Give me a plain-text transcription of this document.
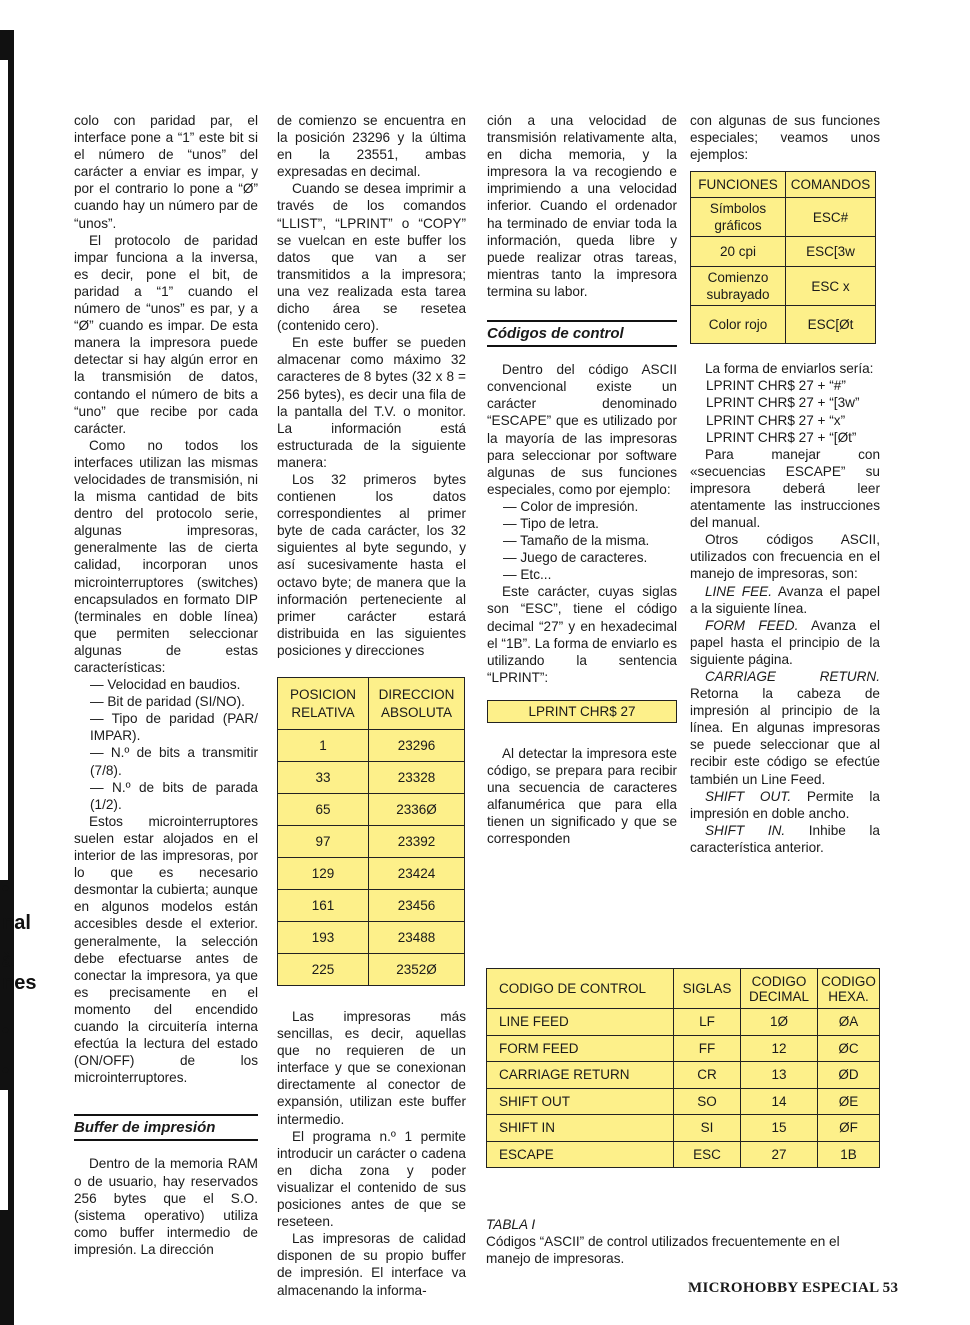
•
nal
à
nes
•
•

colo con paridad par, el interface pone a “1” este bit si el número de “unos” del carácter a enviar es impar, y por el contrario lo pone a “Ø” cuando hay un número par de “unos”.

El protocolo de paridad impar funciona a la inversa, es decir, pone el bit, de paridad a “1” cuando el número de “unos” es par, y a “Ø” cuando es impar. De esta manera la impresora puede detectar si hay algún error en la transmisión de datos, contando el número de bits a “uno” que recibe por cada carácter.

Como no todos los interfaces utilizan las mismas velocidades de transmisión, ni la misma cantidad de bits dentro del protocolo serie, algunas impresoras, generalmente las de cierta calidad, incorporan unos microinterruptores (switches) encapsulados en formato DIP (terminales en doble línea) que permiten seleccionar algunas de estas características:

— Velocidad en baudios.

— Bit de paridad (SI/NO).

— Tipo de paridad (PAR/ IMPAR).

— N.º de bits a transmitir (7/8).

— N.º de bits de parada (1/2).

Estos microinterruptores suelen estar alojados en el interior de las impresoras, por lo que es necesario desmontar la cubierta; aunque en algunos modelos están accesibles desde el exterior. generalmente, la selección debe efectuarse antes de conectar la impresora, ya que es precisamente en el momento del encendido cuando la circuitería interna efectúa la lectura del estado (ON/OFF) de los microinterruptores.

Buffer de impresión

Dentro de la memoria RAM o de usuario, hay reservados 256 bytes que el S.O. (sistema operativo) utiliza como buffer intermedio de impresión. La dirección

de comienzo se encuentra en la posición 23296 y la última en la 23551, ambas expresadas en decimal.

Cuando se desea imprimir a través de los comandos “LLIST”, “LPRINT” o “COPY” se vuelcan en este buffer los datos que van a ser transmitidos a la impresora; una vez realizada esta tarea dicho área se resetea (contenido cero).

En este buffer se pueden almacenar como máximo 32 caracteres de 8 bytes (32 x 8 = 256 bytes), es decir una fila de la pantalla del T.V. o monitor. La información está estructurada de la siguiente manera:

Los 32 primeros bytes contienen los datos correspondientes al primer byte de cada carácter, los 32 siguientes al byte segundo, y así sucesivamente hasta el octavo byte; de manera que la información perteneciente al primer carácter estará distribuida en las siguientes posiciones y direcciones

POSICION RELATIVA	DIRECCION ABSOLUTA
1	23296
33	23328
65	2336Ø
97	23392
129	23424
161	23456
193	23488
225	2352Ø

Las impresoras más sencillas, es decir, aquellas que no requieren de un interface y que se conexionan directamente al conector de expansión, utilizan este buffer intermedio.

El programa n.º 1 permite introducir un carácter o cadena en dicha zona y poder visualizar el contenido de sus posiciones antes de que se reseteen.

Las impresoras de calidad disponen de su propio buffer de impresión. El interface va almacenando la informa-

ción a una velocidad de transmisión relativamente alta, en dicha memoria, y la impresora la va recogiendo e imprimiendo a una velocidad inferior. Cuando el ordenador ha terminado de enviar toda la información, queda libre y puede realizar otras tareas, mientras tanto la impresora termina su labor.

Códigos de control

Dentro del código ASCII convencional existe un carácter denominado “ESCAPE” que es utilizado por la mayoría de las impresoras para seleccionar por software algunas de sus funciones especiales, como por ejemplo:

— Color de impresión.

— Tipo de letra.

— Tamaño de la misma.

— Juego de caracteres.

— Etc...

Este carácter, cuyas siglas son “ESC”, tiene el código decimal “27” y en hexadecimal el “1B”. La forma de enviarlo es utilizando la sentencia “LPRINT”:

LPRINT CHR$ 27

Al detectar la impresora este código, se prepara para recibir una secuencia de caracteres alfanumérica que para ella tienen un significado y que se corresponden

con algunas de sus funciones especiales; veamos unos ejemplos:

FUNCIONES	COMANDOS
Símbolos gráficos	ESC#
20 cpi	ESC[3w
Comienzo subrayado	ESC x
Color rojo	ESC[Øt

La forma de enviarlos sería:

LPRINT CHR$ 27 + “#”

LPRINT CHR$ 27 + “[3w”

LPRINT CHR$ 27 + “x”

LPRINT CHR$ 27 + “[Øt”

Para manejar con «secuencias ESCAPE” su impresora deberá leer atentamente las instrucciones del manual.

Otros códigos ASCII, utilizados con frecuencia en el manejo de impresoras, son:

LINE FEE. Avanza el papel a la siguiente línea.

FORM FEED. Avanza el papel hasta el principio de la siguiente página.

CARRIAGE RETURN. Retorna la cabeza de impresión al principio de la línea. En algunas impresoras se puede seleccionar que al recibir este código se efectúe también un Line Feed.

SHIFT OUT. Permite la impresión en doble ancho.

SHIFT IN. Inhibe la característica anterior.

CODIGO DE CONTROL	SIGLAS	CODIGO DECIMAL	CODIGO HEXA.
LINE FEED	LF	1Ø	ØA
FORM FEED	FF	12	ØC
CARRIAGE RETURN	CR	13	ØD
SHIFT OUT	SO	14	ØE
SHIFT IN	SI	15	ØF
ESCAPE	ESC	27	1B
TABLA I
Códigos “ASCII” de control utilizados frecuentemente en el manejo de impresoras.
MICROHOBBY ESPECIAL 53
